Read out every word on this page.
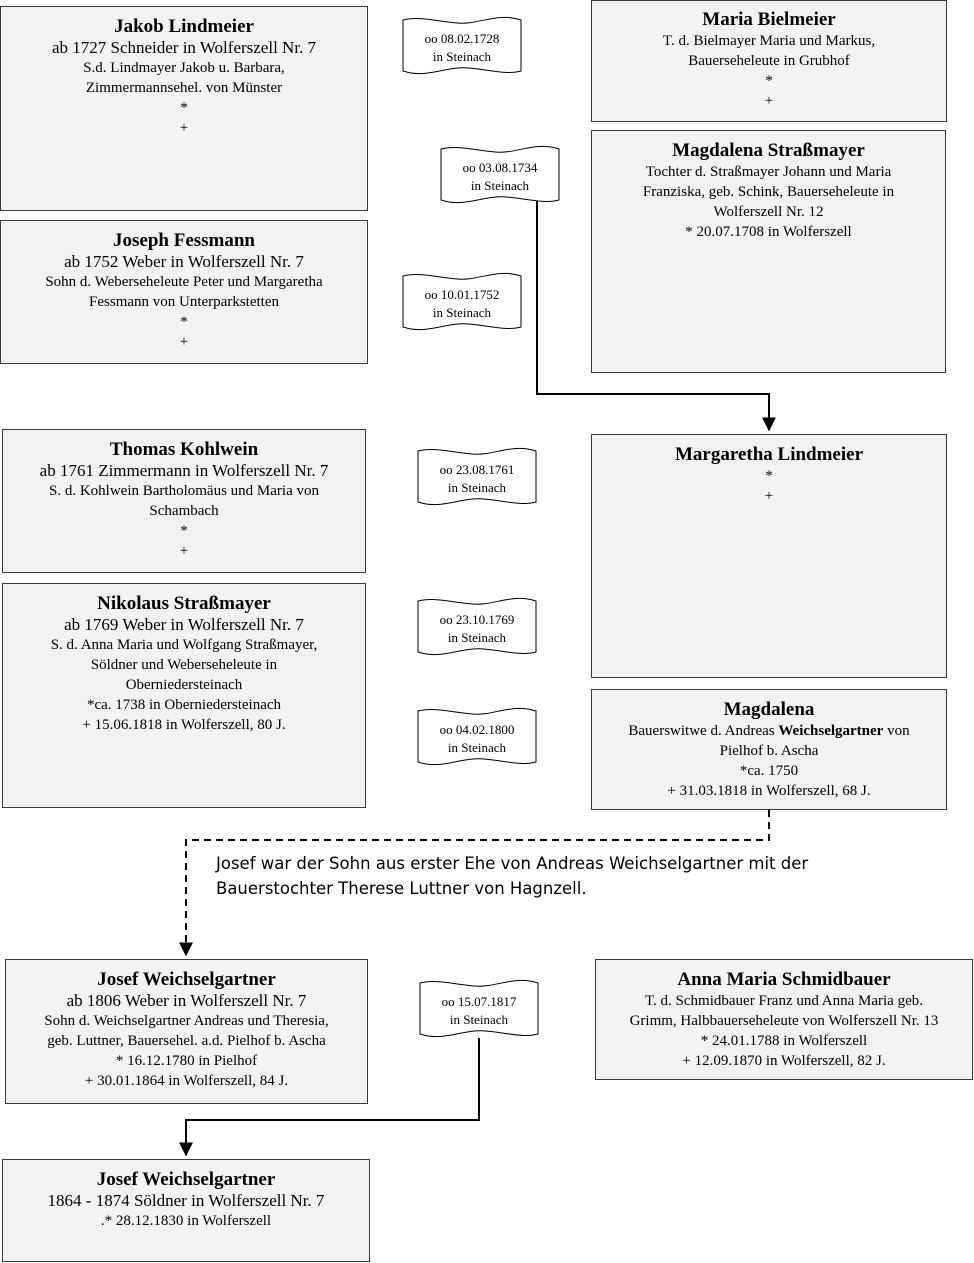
oo 08.02.1728
in Steinach
oo 03.08.1734
in Steinach
oo 10.01.1752
in Steinach
oo 23.08.1761
in Steinach
oo 23.10.1769
in Steinach
oo 04.02.1800
in Steinach
oo 15.07.1817
in Steinach
Jakob Lindmeier
ab 1727 Schneider in Wolferszell Nr. 7
S.d. Lindmayer Jakob u. Barbara,
Zimmermannsehel. von Münster
*
+
Maria Bielmeier
T. d. Bielmayer Maria und Markus,
Bauerseheleute in Grubhof
*
+
Magdalena Straßmayer
Tochter d. Straßmayer Johann und Maria
Franziska, geb. Schink, Bauerseheleute in
Wolferszell Nr. 12
* 20.07.1708 in Wolferszell
Joseph Fessmann
ab 1752 Weber in Wolferszell Nr. 7
Sohn d. Weberseheleute Peter und Margaretha
Fessmann von Unterparkstetten
*
+
Thomas Kohlwein
ab 1761 Zimmermann in Wolferszell Nr. 7
S. d. Kohlwein Bartholomäus und Maria von
Schambach
*
+
Margaretha Lindmeier
*
+
Nikolaus Straßmayer
ab 1769 Weber in Wolferszell Nr. 7
S. d. Anna Maria und Wolfgang Straßmayer,
Söldner und Weberseheleute in
Oberniedersteinach
*ca. 1738 in Oberniedersteinach
+ 15.06.1818 in Wolferszell, 80 J.
Magdalena
Bauerswitwe d. Andreas Weichselgartner von
Pielhof b. Ascha
*ca. 1750
+ 31.03.1818 in Wolferszell, 68 J.
Josef war der Sohn aus erster Ehe von Andreas Weichselgartner mit der
Bauerstochter Therese Luttner von Hagnzell.
Josef Weichselgartner
ab 1806 Weber in Wolferszell Nr. 7
Sohn d. Weichselgartner Andreas und Theresia,
geb. Luttner, Bauersehel. a.d. Pielhof b. Ascha
* 16.12.1780 in Pielhof
+ 30.01.1864 in Wolferszell, 84 J.
Anna Maria Schmidbauer
T. d. Schmidbauer Franz und Anna Maria geb.
Grimm, Halbbauerseheleute von Wolferszell Nr. 13
* 24.01.1788 in Wolferszell
+ 12.09.1870 in Wolferszell, 82 J.
Josef Weichselgartner
1864 - 1874 Söldner in Wolferszell Nr. 7
.* 28.12.1830 in Wolferszell
